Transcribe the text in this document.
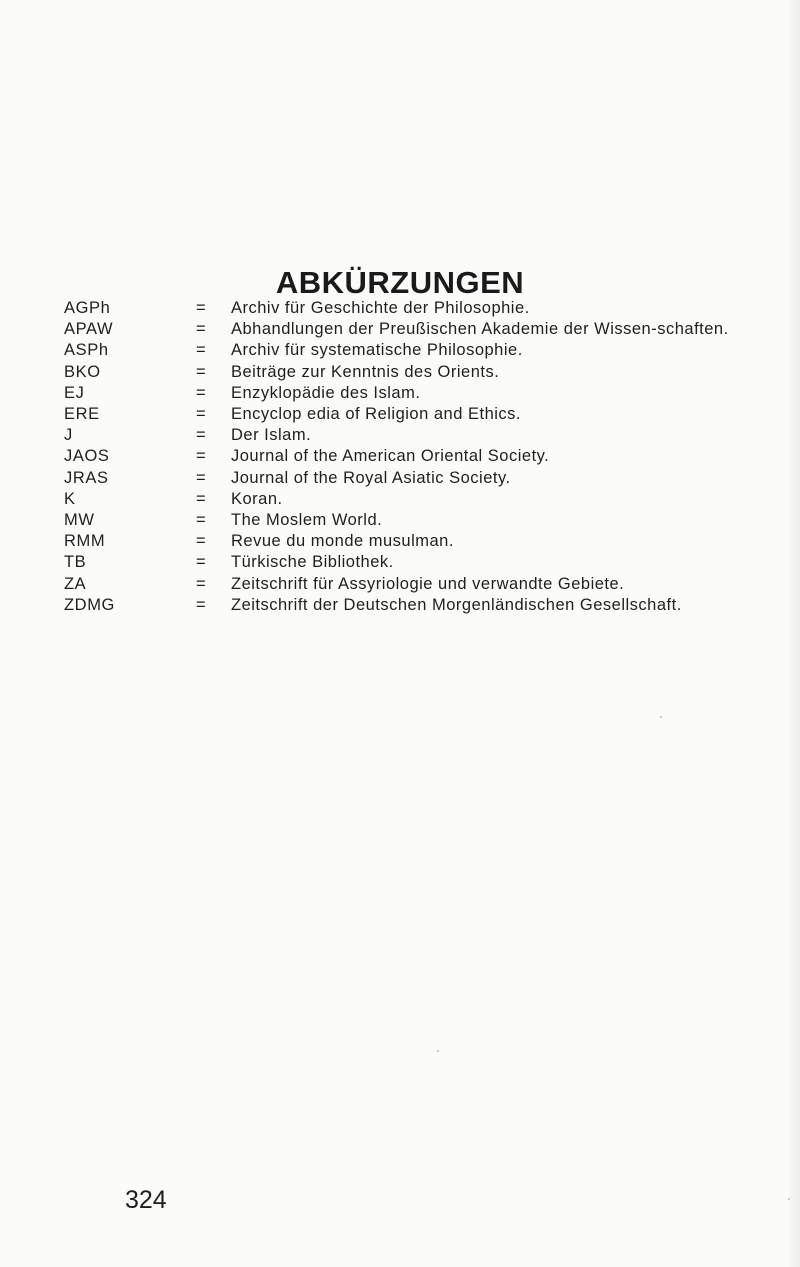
ABKÜRZUNGEN
AGPh	= Archiv für Geschichte der Philosophie.
APAW	= Abhandlungen der Preußischen Akademie der Wissen-schaften.
ASPh	= Archiv für systematische Philosophie.
BKO	= Beiträge zur Kenntnis des Orients.
EJ	= Enzyklopädie des Islam.
ERE	= Encyclop edia of Religion and Ethics.
J	= Der Islam.
JAOS	= Journal of the American Oriental Society.
JRAS	= Journal of the Royal Asiatic Society.
K	= Koran.
MW	= The Moslem World.
RMM	= Revue du monde musulman.
TB	= Türkische Bibliothek.
ZA	= Zeitschrift für Assyriologie und verwandte Gebiete.
ZDMG	= Zeitschrift der Deutschen Morgenländischen Gesellschaft.
324
